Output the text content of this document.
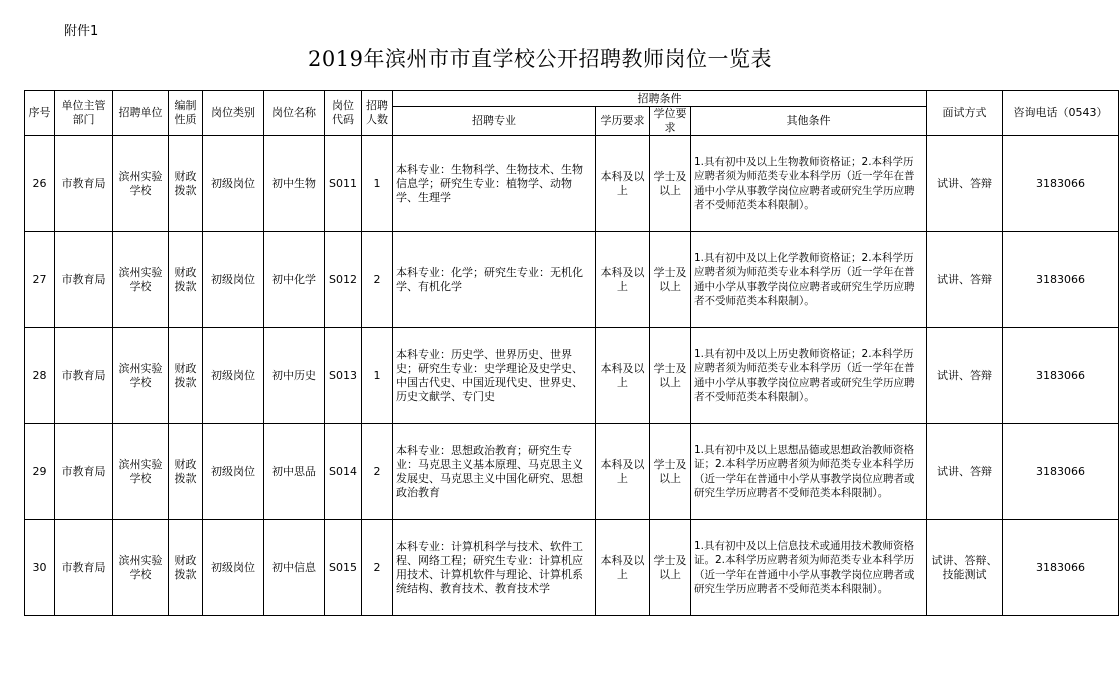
附件1
2019年滨州市市直学校公开招聘教师岗位一览表
序号	单位主管部门	招聘单位	编制性质	岗位类别	岗位名称	岗位代码	招聘人数	招聘条件				面试方式	咨询电话（0543）
								招聘专业	学历要求	学位要求	其他条件		
26	市教育局	滨州实验学校	财政拨款	初级岗位	初中生物	S011	1	本科专业：生物科学、生物技术、生物信息学；研究生专业：植物学、动物学、生理学	本科及以上	学士及以上	1.具有初中及以上生物教师资格证；2.本科学历应聘者须为师范类专业本科学历（近一学年在普通中小学从事教学岗位应聘者或研究生学历应聘者不受师范类本科限制）。	试讲、答辩	3183066
27	市教育局	滨州实验学校	财政拨款	初级岗位	初中化学	S012	2	本科专业：化学；研究生专业：无机化学、有机化学	本科及以上	学士及以上	1.具有初中及以上化学教师资格证；2.本科学历应聘者须为师范类专业本科学历（近一学年在普通中小学从事教学岗位应聘者或研究生学历应聘者不受师范类本科限制）。	试讲、答辩	3183066
28	市教育局	滨州实验学校	财政拨款	初级岗位	初中历史	S013	1	本科专业：历史学、世界历史、世界史；研究生专业：史学理论及史学史、中国古代史、中国近现代史、世界史、历史文献学、专门史	本科及以上	学士及以上	1.具有初中及以上历史教师资格证；2.本科学历应聘者须为师范类专业本科学历（近一学年在普通中小学从事教学岗位应聘者或研究生学历应聘者不受师范类本科限制）。	试讲、答辩	3183066
29	市教育局	滨州实验学校	财政拨款	初级岗位	初中思品	S014	2	本科专业：思想政治教育；研究生专业：马克思主义基本原理、马克思主义发展史、马克思主义中国化研究、思想政治教育	本科及以上	学士及以上	1.具有初中及以上思想品德或思想政治教师资格证；2.本科学历应聘者须为师范类专业本科学历（近一学年在普通中小学从事教学岗位应聘者或研究生学历应聘者不受师范类本科限制）。	试讲、答辩	3183066
30	市教育局	滨州实验学校	财政拨款	初级岗位	初中信息	S015	2	本科专业：计算机科学与技术、软件工程、网络工程；研究生专业：计算机应用技术、计算机软件与理论、计算机系统结构、教育技术、教育技术学	本科及以上	学士及以上	1.具有初中及以上信息技术或通用技术教师资格证。2.本科学历应聘者须为师范类专业本科学历（近一学年在普通中小学从事教学岗位应聘者或研究生学历应聘者不受师范类本科限制）。	试讲、答辩、技能测试	3183066
